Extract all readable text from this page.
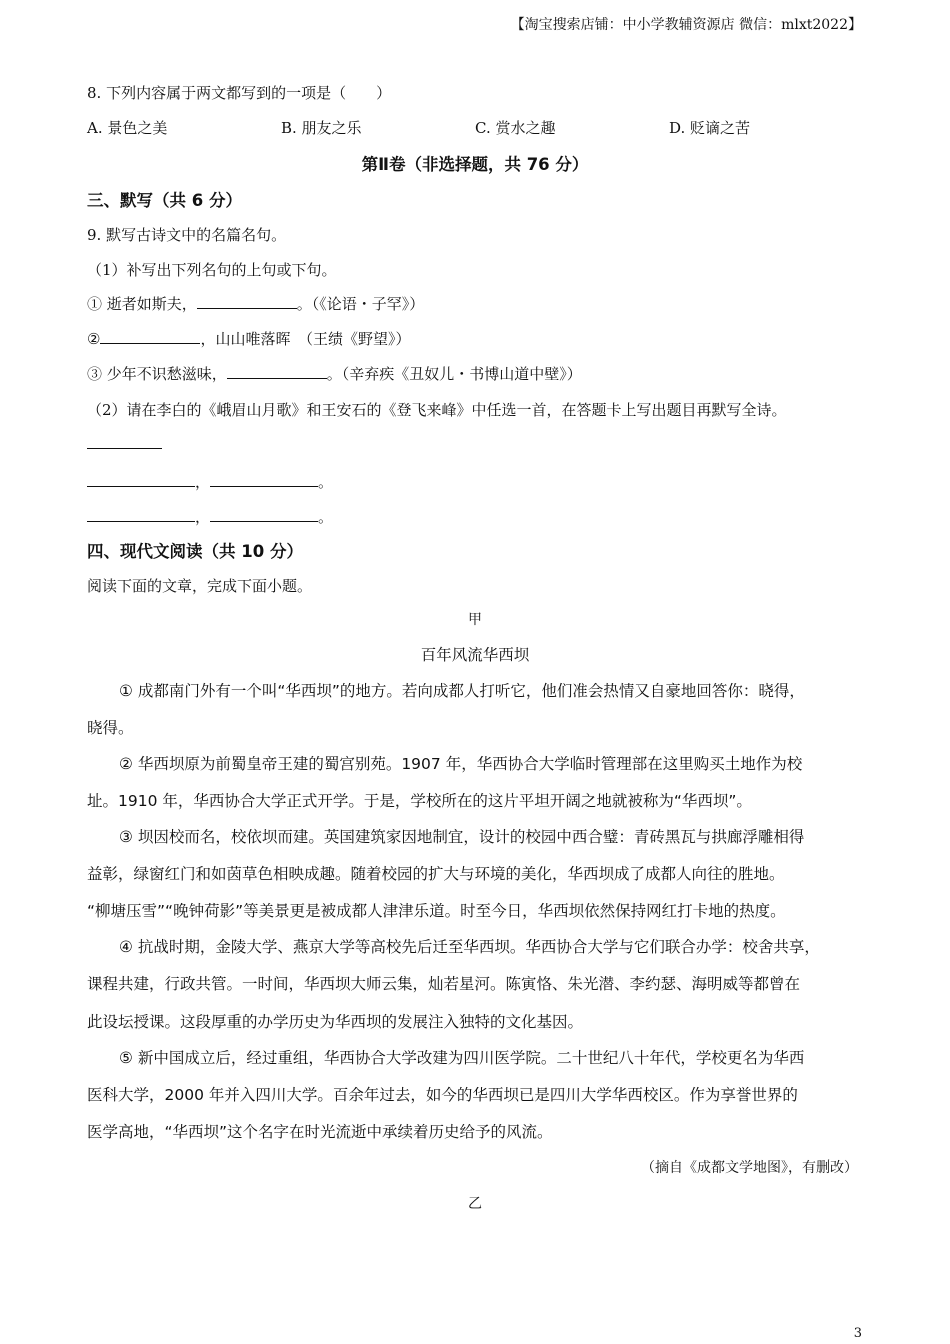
【淘宝搜索店铺：中小学教辅资源店 微信：mlxt2022】
8. 下列内容属于两文都写到的一项是（　　）
A. 景色之美	B. 朋友之乐	C. 赏水之趣	D. 贬谪之苦
第Ⅱ卷（非选择题，共 76 分）
三、默写（共 6 分）
9. 默写古诗文中的名篇名句。
（1）补写出下列名句的上句或下句。
① 逝者如斯夫，	。（《论语・子罕》）
②	，山山唯落晖　（王绩《野望》）
③ 少年不识愁滋味，	。（辛弃疾《丑奴儿・书博山道中壁》）
（2）请在李白的《峨眉山月歌》和王安石的《登飞来峰》中任选一首，在答题卡上写出题目再默写全诗。
，	。
，	。
四、现代文阅读（共 10 分）
阅读下面的文章，完成下面小题。
甲
百年风流华西坝
① 成都南门外有一个叫“华西坝”的地方。若向成都人打听它，他们准会热情又自豪地回答你：晓得，
晓得。
② 华西坝原为前蜀皇帝王建的蜀宫别苑。1907 年，华西协合大学临时管理部在这里购买土地作为校
址。1910 年，华西协合大学正式开学。于是，学校所在的这片平坦开阔之地就被称为“华西坝”。
③ 坝因校而名，校依坝而建。英国建筑家因地制宜，设计的校园中西合璧：青砖黑瓦与拱廊浮雕相得
益彰，绿窗红门和如茵草色相映成趣。随着校园的扩大与环境的美化，华西坝成了成都人向往的胜地。
“柳塘压雪”“晚钟荷影”等美景更是被成都人津津乐道。时至今日，华西坝依然保持网红打卡地的热度。
④ 抗战时期，金陵大学、燕京大学等高校先后迁至华西坝。华西协合大学与它们联合办学：校舍共享，
课程共建，行政共管。一时间，华西坝大师云集，灿若星河。陈寅恪、朱光潜、李约瑟、海明威等都曾在
此设坛授课。这段厚重的办学历史为华西坝的发展注入独特的文化基因。
⑤ 新中国成立后，经过重组，华西协合大学改建为四川医学院。二十世纪八十年代，学校更名为华西
医科大学，2000 年并入四川大学。百余年过去，如今的华西坝已是四川大学华西校区。作为享誉世界的
医学高地，“华西坝”这个名字在时光流逝中承续着历史给予的风流。
（摘自《成都文学地图》，有删改）
乙
3
